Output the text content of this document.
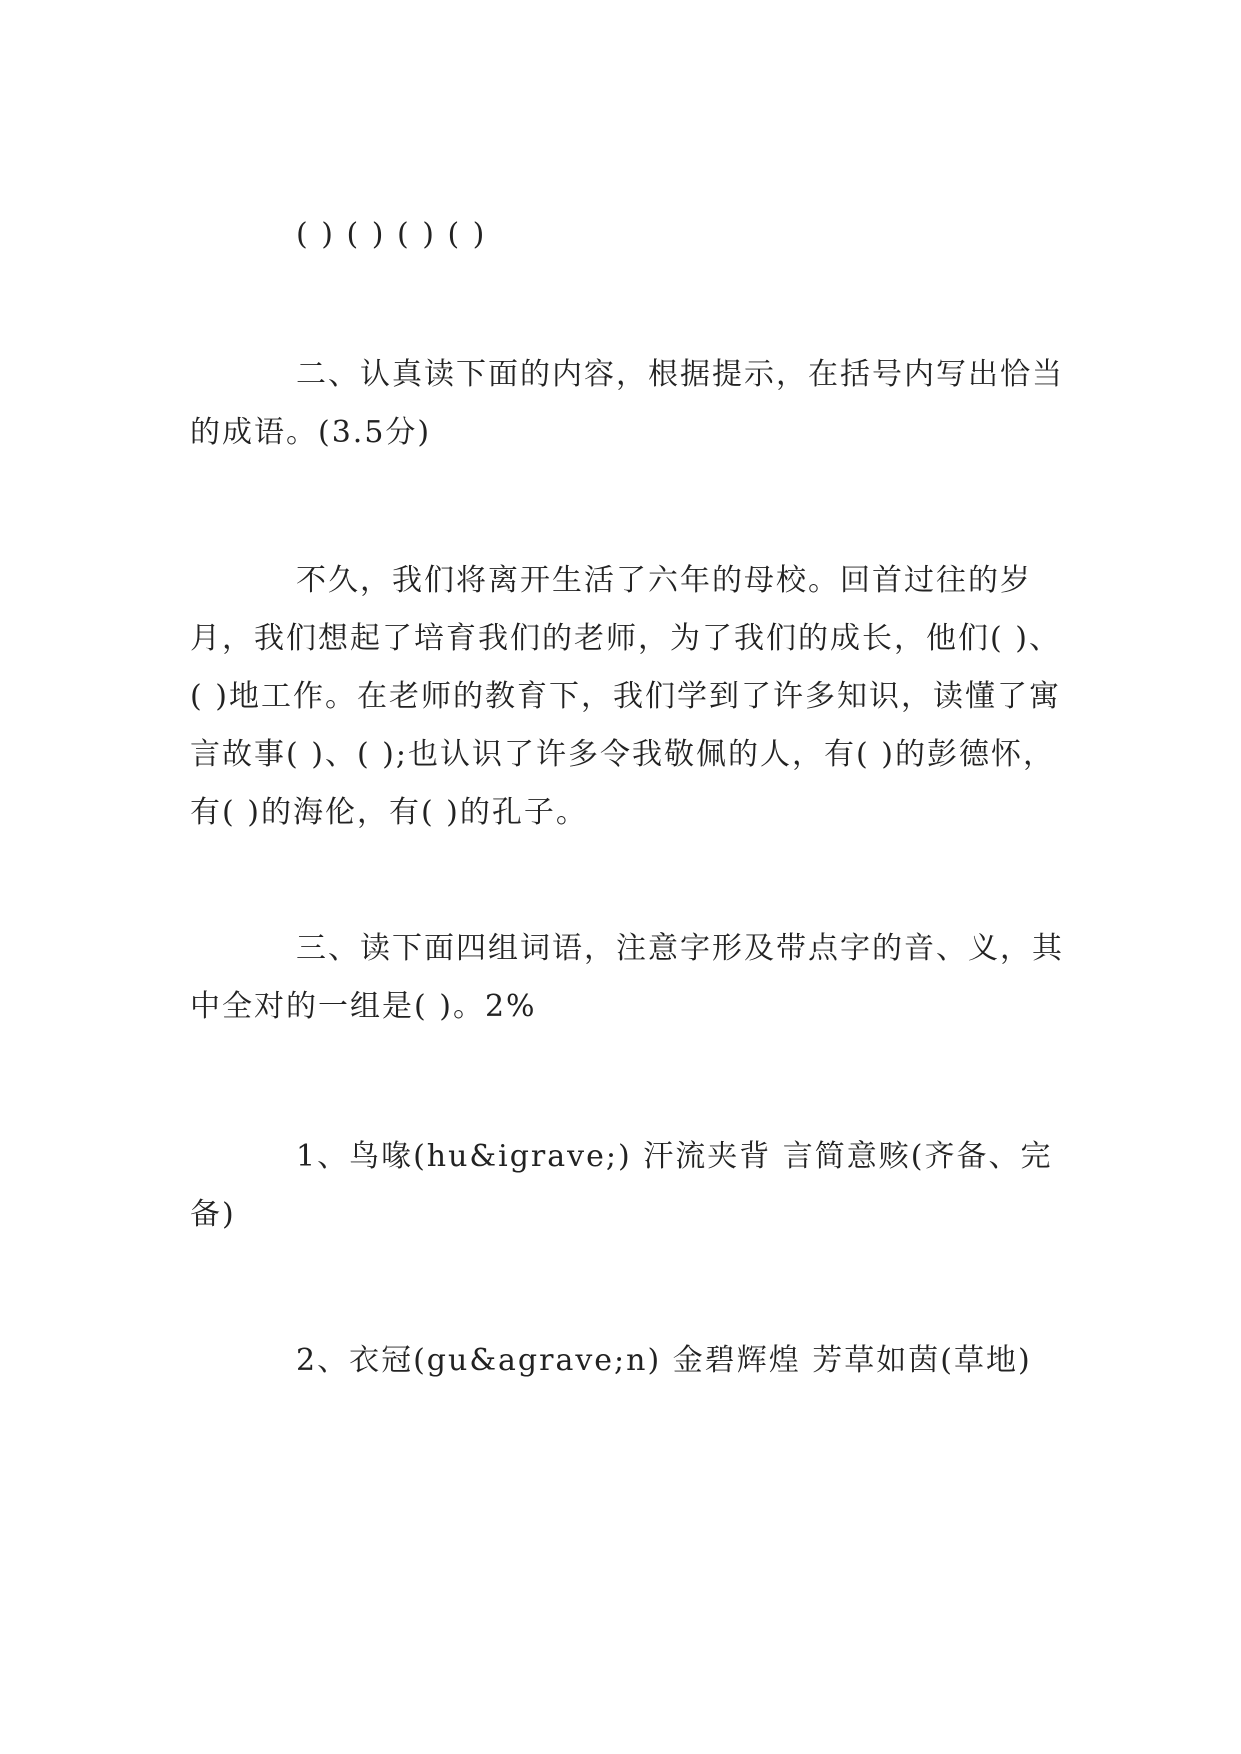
( ) ( ) ( ) ( )

二、认真读下面的内容，根据提示，在括号内写出恰当的成语。(3.5分)

不久，我们将离开生活了六年的母校。回首过往的岁月，我们想起了培育我们的老师，为了我们的成长，他们( )、( )地工作。在老师的教育下，我们学到了许多知识，读懂了寓言故事( )、( );也认识了许多令我敬佩的人，有( )的彭德怀，有( )的海伦，有( )的孔子。

三、读下面四组词语，注意字形及带点字的音、义，其中全对的一组是( )。2%

1、鸟喙(hu&igrave;) 汗流夹背 言简意赅(齐备、完备)

2、衣冠(gu&agrave;n) 金碧辉煌 芳草如茵(草地)
